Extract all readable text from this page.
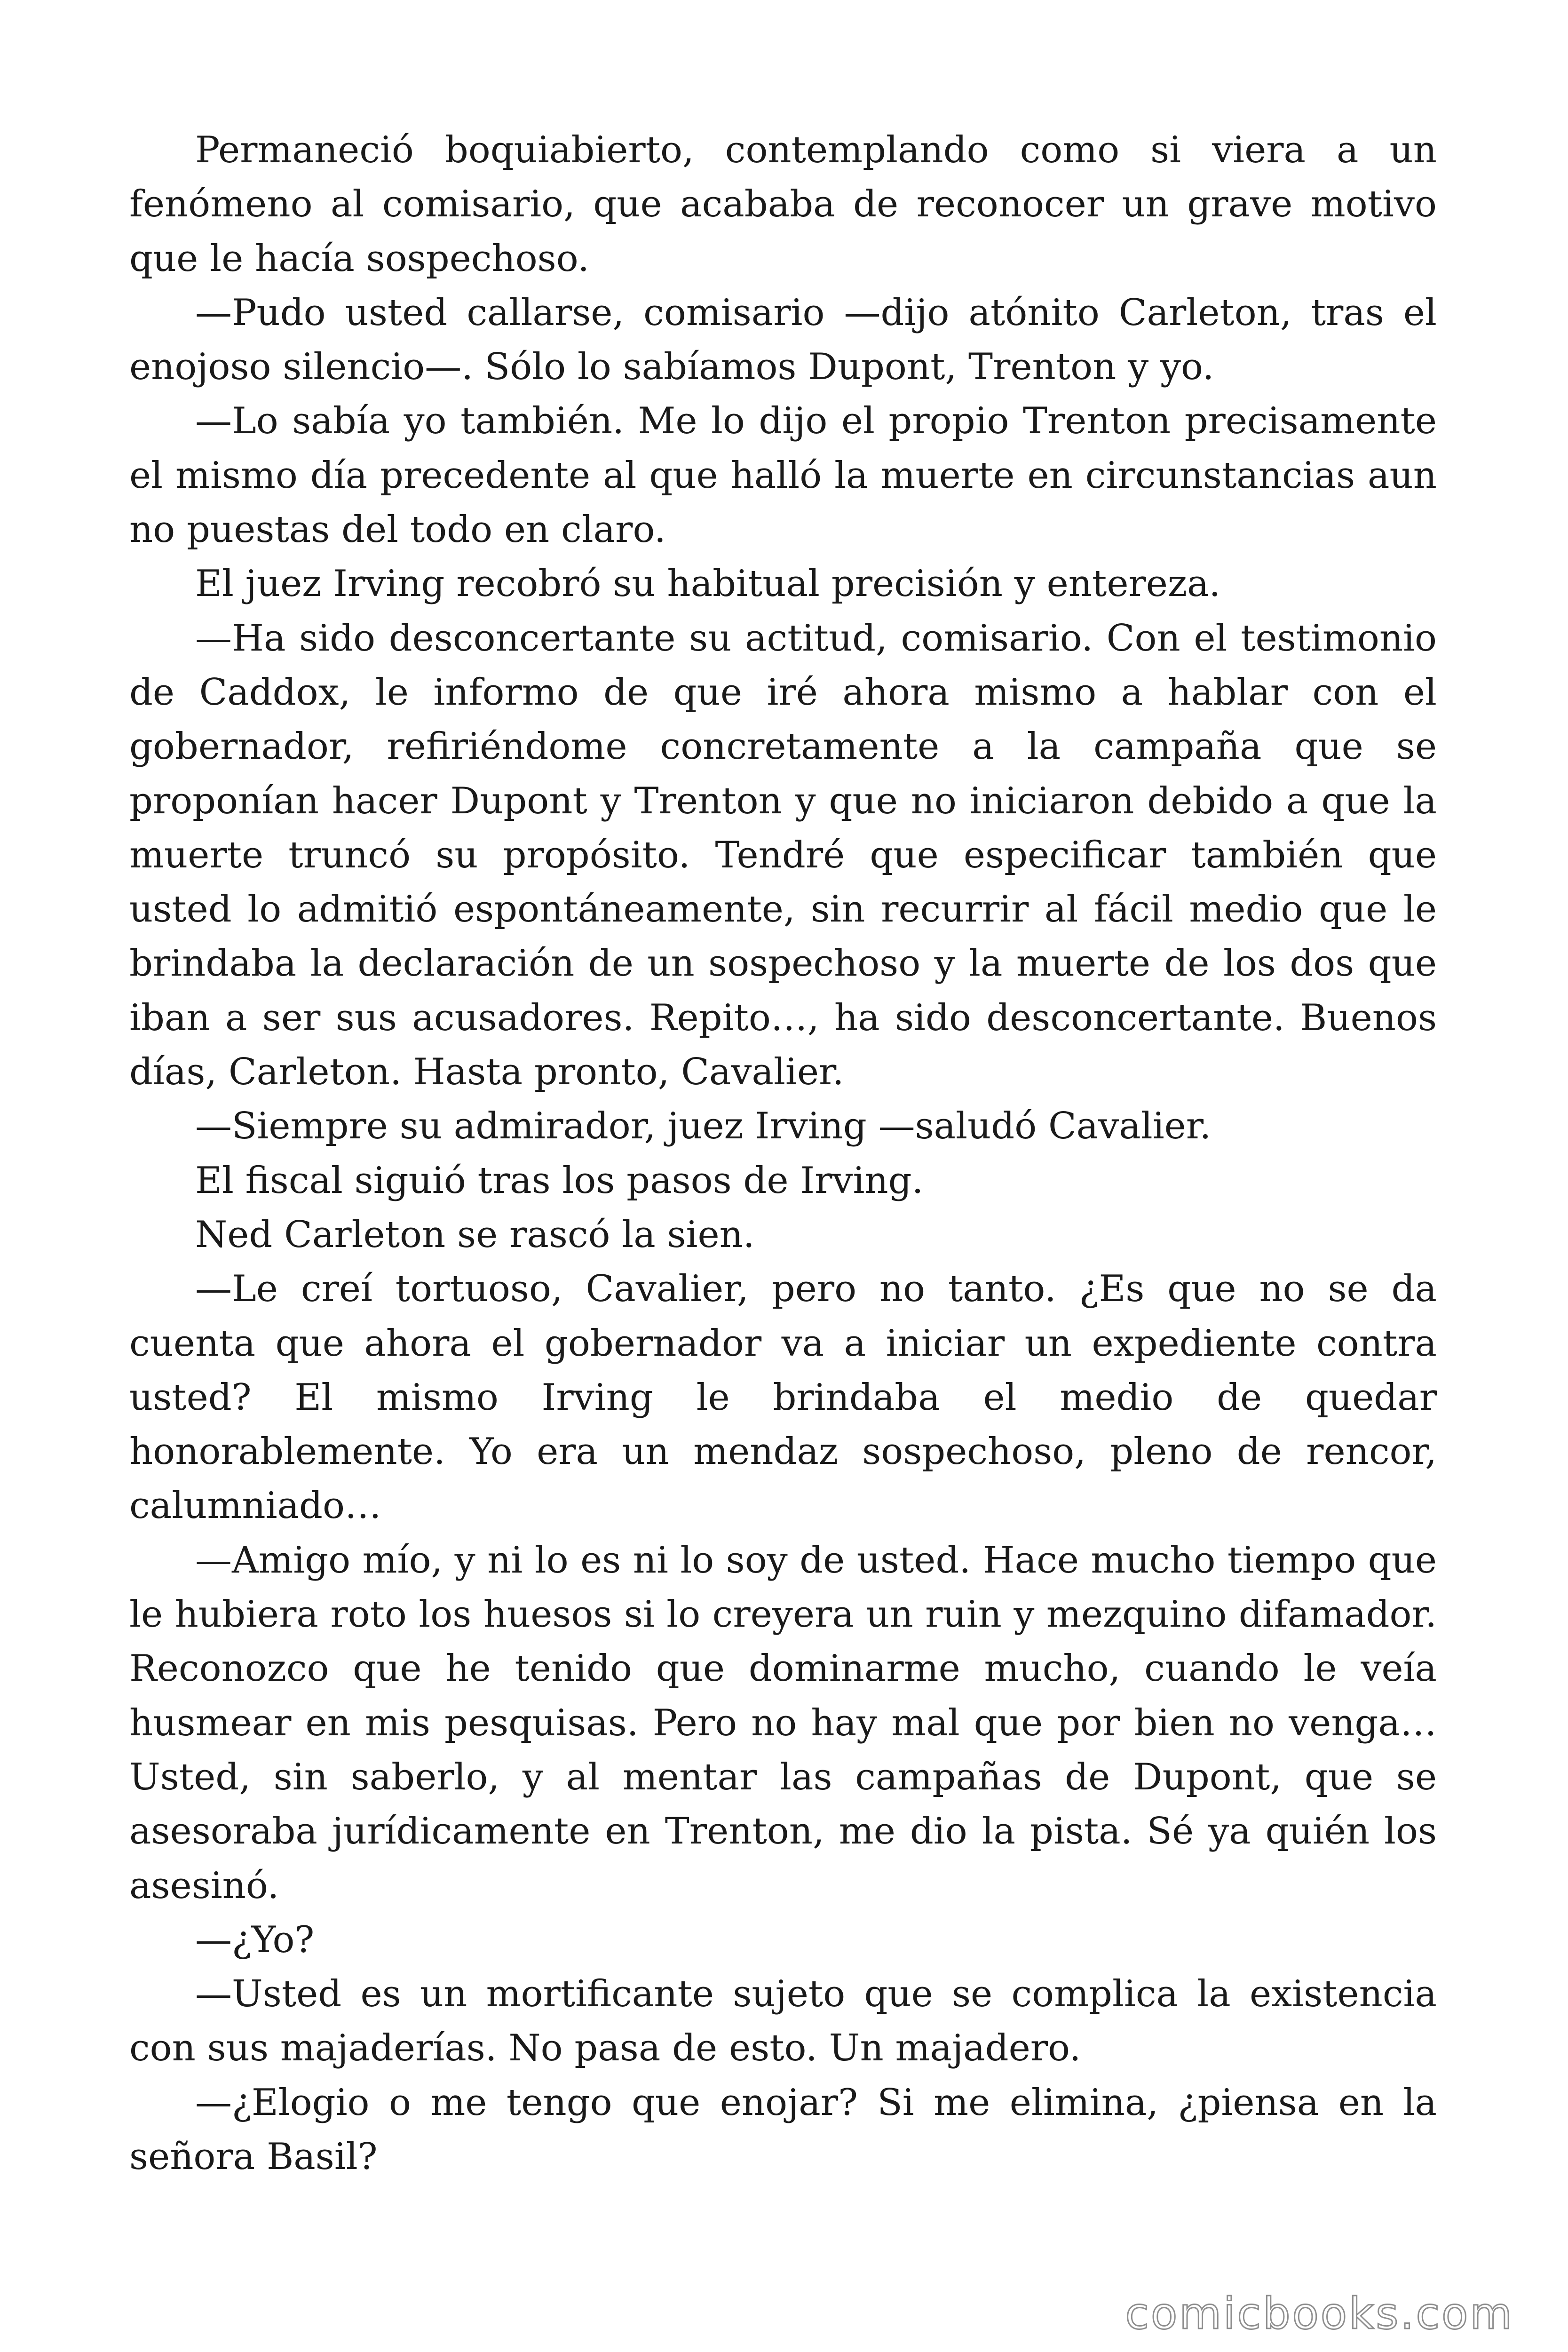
Permaneció boquiabierto, contemplando como si viera a un fenómeno al comisario, que acababa de reconocer un grave motivo que le hacía sospechoso.

—Pudo usted callarse, comisario —dijo atónito Carleton, tras el enojoso silencio—. Sólo lo sabíamos Dupont, Trenton y yo.

—Lo sabía yo también. Me lo dijo el propio Trenton precisamente el mismo día precedente al que halló la muerte en circunstancias aun no puestas del todo en claro.

El juez Irving recobró su habitual precisión y entereza.

—Ha sido desconcertante su actitud, comisario. Con el testimonio de Caddox, le informo de que iré ahora mismo a hablar con el gobernador, refiriéndome concretamente a la campaña que se proponían hacer Dupont y Trenton y que no iniciaron debido a que la muerte truncó su propósito. Tendré que especificar también que usted lo admitió espontáneamente, sin recurrir al fácil medio que le brindaba la declaración de un sospechoso y la muerte de los dos que iban a ser sus acusadores. Repito…, ha sido desconcertante. Buenos días, Carleton. Hasta pronto, Cavalier.

—Siempre su admirador, juez Irving —saludó Cavalier.

El fiscal siguió tras los pasos de Irving.

Ned Carleton se rascó la sien.

—Le creí tortuoso, Cavalier, pero no tanto. ¿Es que no se da cuenta que ahora el gobernador va a iniciar un expediente contra usted? El mismo Irving le brindaba el medio de quedar honorablemente. Yo era un mendaz sospechoso, pleno de rencor, calumniado…

—Amigo mío, y ni lo es ni lo soy de usted. Hace mucho tiempo que le hubiera roto los huesos si lo creyera un ruin y mezquino difamador. Reconozco que he tenido que dominarme mucho, cuando le veía husmear en mis pesquisas. Pero no hay mal que por bien no venga… Usted, sin saberlo, y al mentar las campañas de Dupont, que se asesoraba jurídicamente en Trenton, me dio la pista. Sé ya quién los asesinó.

—¿Yo?

—Usted es un mortificante sujeto que se complica la existencia con sus majaderías. No pasa de esto. Un majadero.

—¿Elogio o me tengo que enojar? Si me elimina, ¿piensa en la señora Basil?

comicbooks.com
